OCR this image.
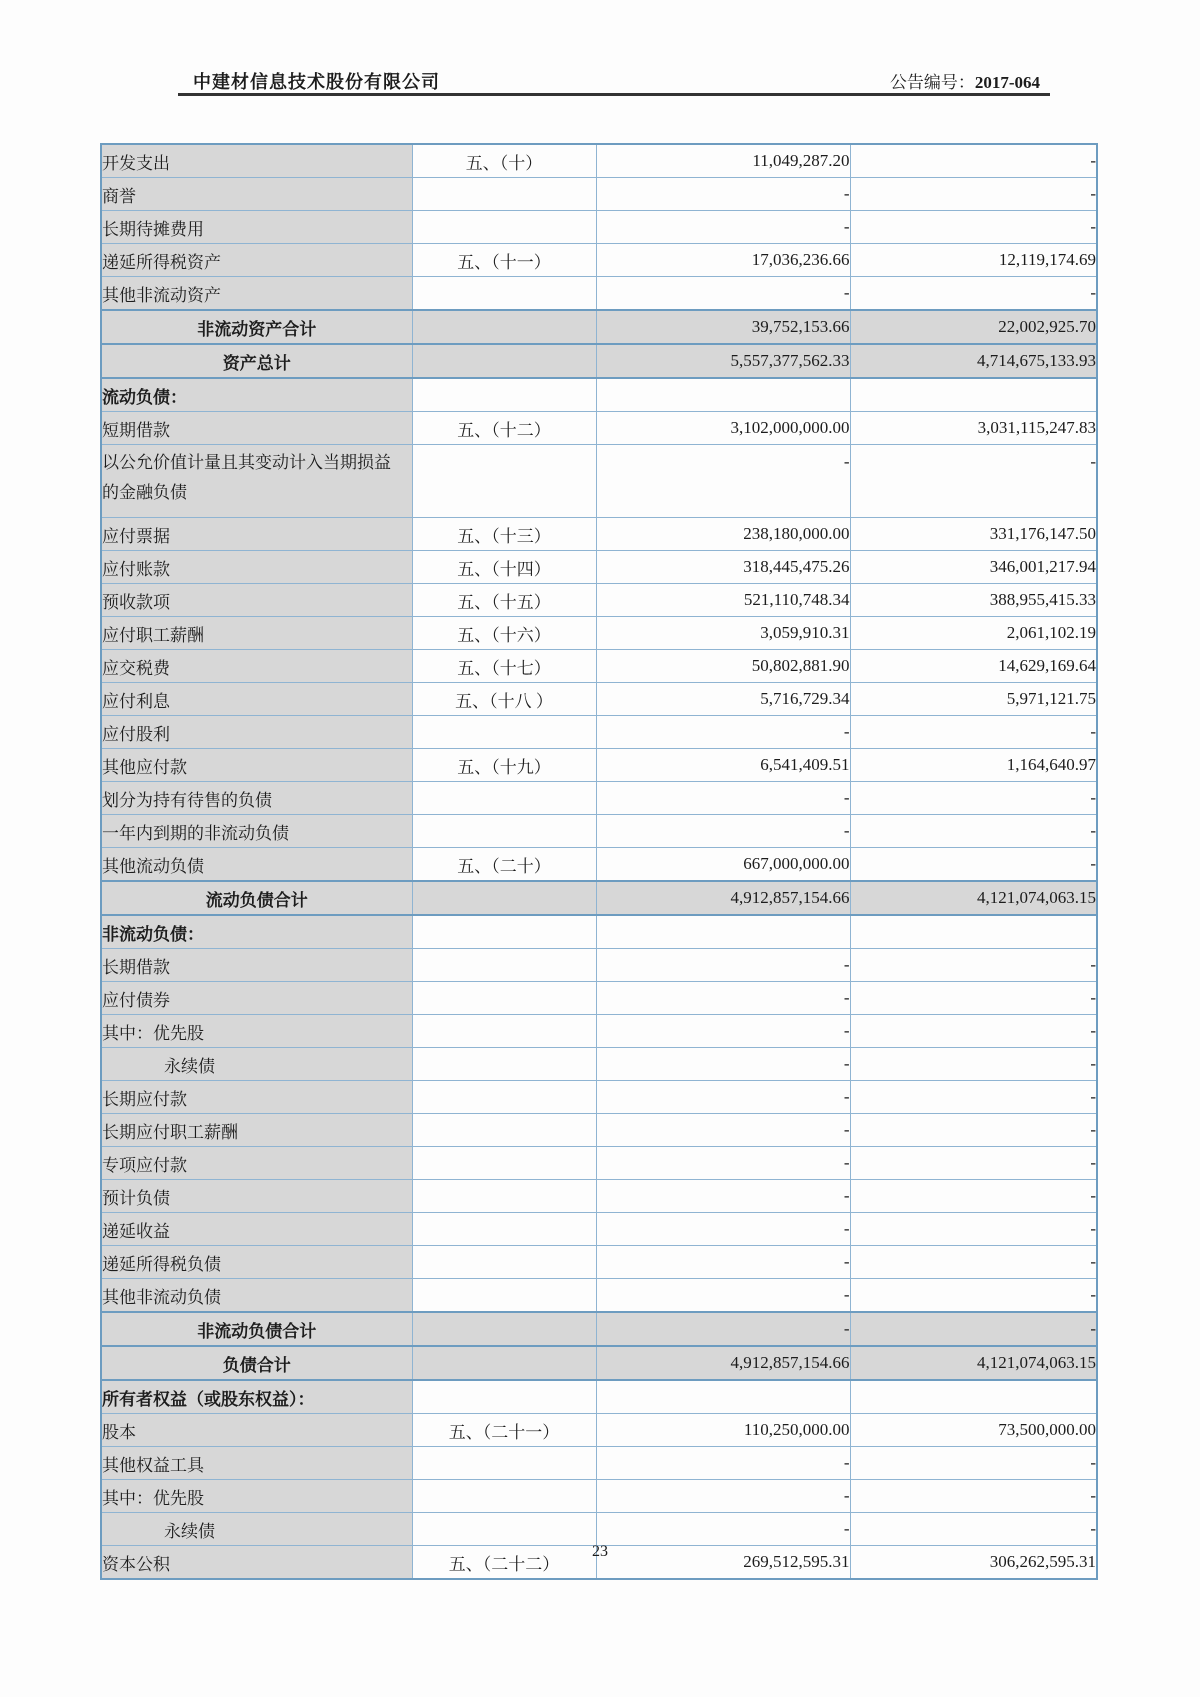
中建材信息技术股份有限公司	公告编号：2017-064
开发支出	五、（十）	11,049,287.20	-
商誉		-	-
长期待摊费用		-	-
递延所得税资产	五、（十一）	17,036,236.66	12,119,174.69
其他非流动资产		-	-
非流动资产合计		39,752,153.66	22,002,925.70
资产总计		5,557,377,562.33	4,714,675,133.93
流动负债：			
短期借款	五、（十二）	3,102,000,000.00	3,031,115,247.83
以公允价值计量且其变动计入当期损益的金融负债		-	-
应付票据	五、（十三）	238,180,000.00	331,176,147.50
应付账款	五、（十四）	318,445,475.26	346,001,217.94
预收款项	五、（十五）	521,110,748.34	388,955,415.33
应付职工薪酬	五、（十六）	3,059,910.31	2,061,102.19
应交税费	五、（十七）	50,802,881.90	14,629,169.64
应付利息	五、（十八 ）	5,716,729.34	5,971,121.75
应付股利		-	-
其他应付款	五、（十九）	6,541,409.51	1,164,640.97
划分为持有待售的负债		-	-
一年内到期的非流动负债		-	-
其他流动负债	五、（二十）	667,000,000.00	-
流动负债合计		4,912,857,154.66	4,121,074,063.15
非流动负债：			
长期借款		-	-
应付债券		-	-
其中：优先股		-	-
永续债		-	-
长期应付款		-	-
长期应付职工薪酬		-	-
专项应付款		-	-
预计负债		-	-
递延收益		-	-
递延所得税负债		-	-
其他非流动负债		-	-
非流动负债合计		-	-
负债合计		4,912,857,154.66	4,121,074,063.15
所有者权益（或股东权益）：			
股本	五、（二十一）	110,250,000.00	73,500,000.00
其他权益工具		-	-
其中：优先股		-	-
永续债		-	-
资本公积	五、（二十二）	269,512,595.31	306,262,595.31
23
